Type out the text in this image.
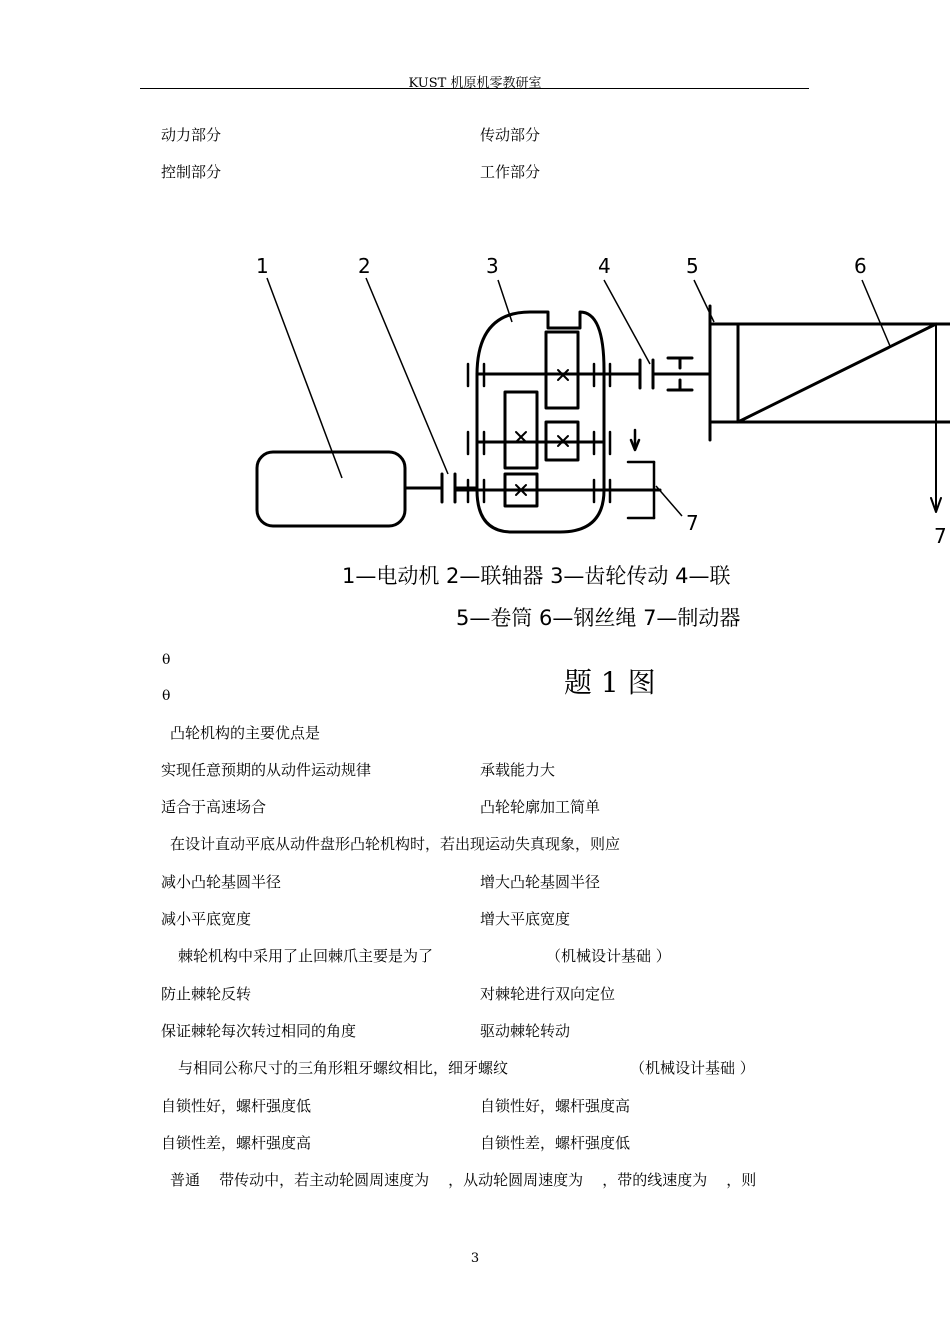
KUST 机原机零教研室
动力部分	传动部分
控制部分	工作部分
1	2	3	4	5	6
7
7
1—电动机 2—联轴器 3—齿轮传动 4—联
5—卷筒 6—钢丝绳 7—制动器
题 1 图
θ
θ
凸轮机构的主要优点是
实现任意预期的从动件运动规律	承载能力大
适合于高速场合	凸轮轮廓加工简单
在设计直动平底从动件盘形凸轮机构时，若出现运动失真现象，则应
减小凸轮基圆半径	增大凸轮基圆半径
减小平底宽度	增大平底宽度
棘轮机构中采用了止回棘爪主要是为了	（机械设计基础 ）
防止棘轮反转	对棘轮进行双向定位
保证棘轮每次转过相同的角度	驱动棘轮转动
与相同公称尺寸的三角形粗牙螺纹相比，细牙螺纹	（机械设计基础 ）
自锁性好，螺杆强度低	自锁性好，螺杆强度高
自锁性差，螺杆强度高	自锁性差，螺杆强度低
普通    带传动中，若主动轮圆周速度为    ，从动轮圆周速度为    ，带的线速度为    ，则
3
